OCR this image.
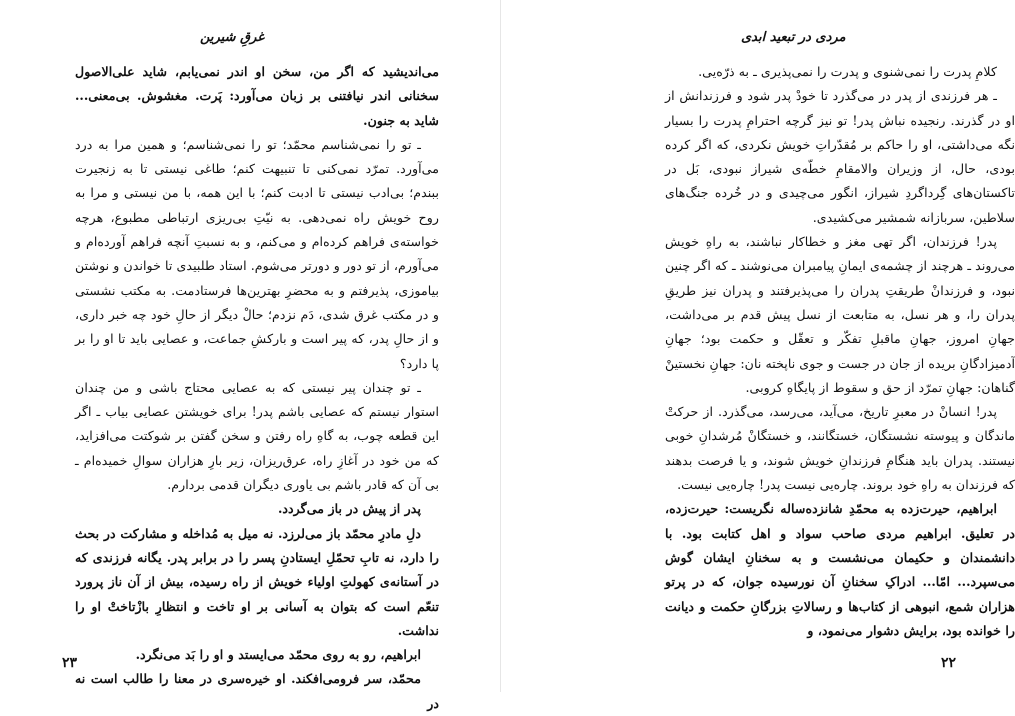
غرقِ شیرین

می‌اندیشید که اگر من، سخن او اندر نمی‌یابم، شاید علی‌الاصول سخنانی اندر نیافتنی بر زبان می‌آورد: پَرت. مغشوش. بی‌معنی... شاید به جنون.

ـ تو را نمی‌شناسم محمّد؛ تو را نمی‌شناسم؛ و همین مرا به درد می‌آورد. تمرّد نمی‌کنی تا تنبیهت کنم؛ طاغی نیستی تا به زنجیرت ببندم؛ بی‌ادب نیستی تا ادبت کنم؛ با این همه، با من نیستی و مرا به روح خویش راه نمی‌دهی. به نیّتِ بی‌ریزی ارتباطی مطبوع، هرچه خواسته‌ی فراهم کرده‌ام و می‌کنم، و به نسبتِ آنچه فراهم آورده‌ام و می‌آورم، از تو دور و دورتر می‌شوم. استاد طلبیدی تا خواندن و نوشتن بیاموزی، پذیرفتم و به محضرِ بهترین‌ها فرستادمت. به مکتب نشستی و در مکتب غرق شدی، دَم نزدم؛ حالْ دیگر از حالِ خود چه خبر داری، و از حالِ پدر، که پیر است و بارکشِ جماعت، و عصایی باید تا او را بر پا دارد؟

ـ تو چندان پیر نیستی که به عصایی محتاج باشی و من چندان استوار نیستم که عصایی باشم پدر! برای خویشتن عصایی بیاب ـ اگر این قطعه چوب، به گاهِ راه رفتن و سخن گفتن بر شوکتت می‌افزاید، که من خود در آغازِ راه، عرق‌ریزان، زیر بارِ هزاران سوالِ خمیده‌ام ـ بی آن که قادر باشم بی یاوری دیگران قدمی بردارم.

پدر از پیش در باز می‌گردد.

دلِ مادرِ محمّد باز می‌لرزد. نه میل به مُداخله و مشارکت در بحث را دارد، نه تابِ تحمّلِ ایستادنِ پسر را در برابر پدر. یگانه فرزندی که در آستانه‌ی کهولتِ اولیاء خویش از راه رسیده، بیش از آن ناز پرورد تنعّم است که بتوان به آسانی بر او تاخت و انتظارِ بازْتاختْ او را نداشت.

ابراهیم، رو به روی محمّد می‌ایستد و او را بَد می‌نگرد.

محمّد، سر فرومی‌افکند. او خیره‌سری در معنا را طالب است نه در

۲۳
مردی در تبعید ابدی

کلامِ پدرت را نمی‌شنوی و پدرت را نمی‌پذیری ـ به ذرّه‌یی.

ـ هر فرزندی از پدر در می‌گذرد تا خودْ پدر شود و فرزندانش از او در گذرند. رنجیده نباش پدر! تو نیز گرچه احترامِ پدرت را بسیار نگه می‌داشتی، او را حاکم بر مُقدّراتِ خویش نکردی، که اگر کرده بودی، حال، از وزیران والامقامِ خطّه‌ی شیراز نبودی، بَل در تاکستان‌های گِرداگردِ شیراز، انگور می‌چیدی و در خُرده جنگ‌های سلاطین، سربازانه شمشیر می‌کشیدی.

پدر! فرزندان، اگر تهی مغز و خطاکار نباشند، به راهِ خویش می‌روند ـ هرچند از چشمه‌ی ایمانِ پیامبران می‌نوشند ـ که اگر چنین نبود، و فرزندانْ طریقتِ پدران را می‌پذیرفتند و پدران نیز طریقِ پدران را، و هر نسل، به متابعت از نسل پیش قدم بر می‌داشت، جهانِ امروز، جهانِ ماقبلِ تفکّر و تعقّل و حکمت بود؛ جهانِ آدمیزادگانِ بریده از جان در جست و جوی ناپخته نان: جهانِ نخستینْ گناهان: جهانِ تمرّد از حق و سقوط از پایگاهِ کروبی.

پدر! انسانْ در معبرِ تاریخ، می‌آید، می‌رسد، می‌گذرد. از حرکتْ ماندگان و پیوسته نشستگان، خستگانند، و خستگانْ مُرشدانِ خوبی نیستند. پدران باید هنگامِ فرزندانِ خویش شوند، و یا فرصت بدهند که فرزندان به راهِ خود بروند. چاره‌یی نیست پدر! چاره‌یی نیست.

ابراهیم، حیرت‌زده به محمّدِ شانزده‌ساله نگریست: حیرت‌زده، در تعلیق. ابراهیم مردی صاحب سواد و اهل کتابت بود. با دانشمندان و حکیمان می‌نشست و به سخنانِ ایشان گوش می‌سپرد... امّا... ادراکِ سخنانِ آن نورسیده جوان، که در پرتو هزاران شمع، انبوهی از کتاب‌ها و رسالاتِ بزرگانِ حکمت و دیانت را خوانده بود، برایش دشوار می‌نمود، و

۲۲
